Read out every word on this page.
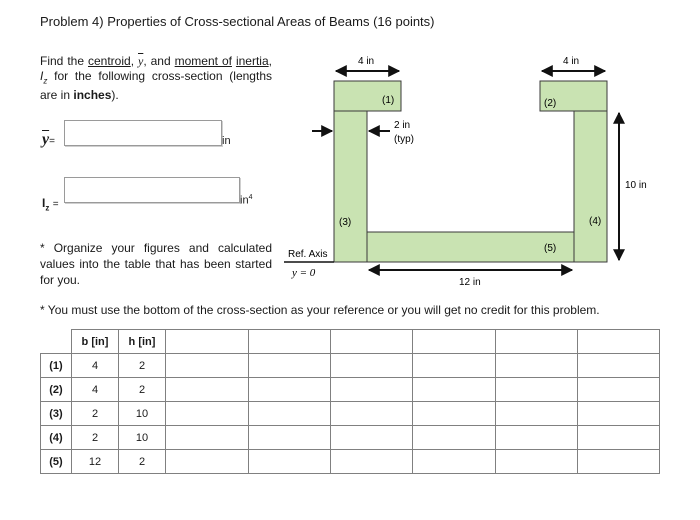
Problem 4) Properties of Cross-sectional Areas of Beams (16 points)
Find the centroid, $\overline{y}$, and moment of inertia, $I_z$ for the following cross-section (lengths are in inches).
$\overline{y}=$	in
$I_z$ =	$in^4$
* Organize your figures and calculated values into the table that has been started for you.
* You must use the bottom of the cross-section as your reference or you will get no credit for this problem.
(1)	(2)
(3)	(4)
(5)
4 in	4 in
2 in
(typ)
10 in
12 in
Ref. Axis
y = 0
	b [in]	h [in]						
(1)	4	2						
(2)	4	2						
(3)	2	10						
(4)	2	10						
(5)	12	2						
